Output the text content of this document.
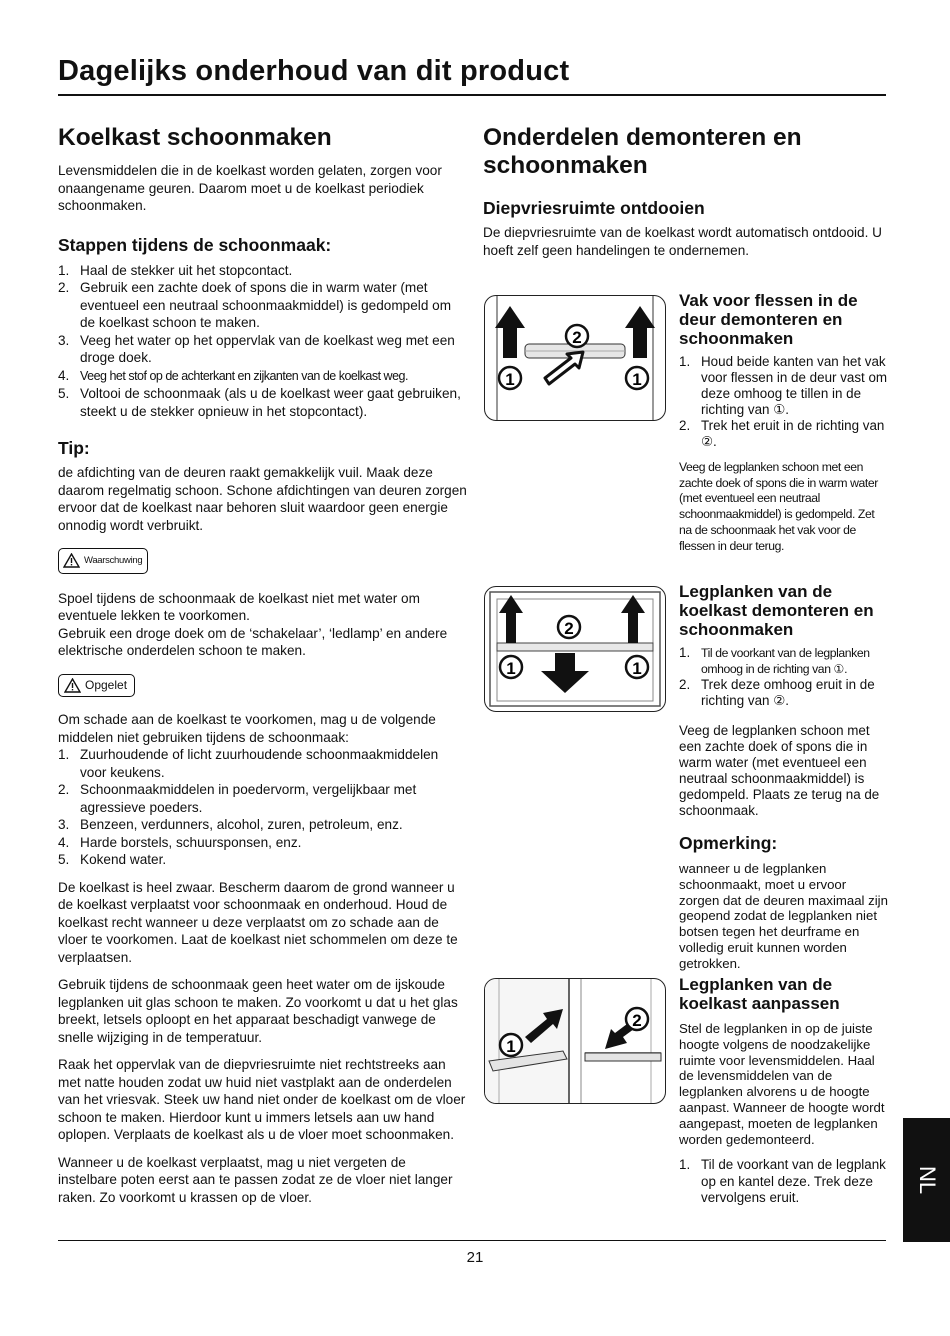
Dagelijks onderhoud van dit product
Koelkast schoonmaken

Levensmiddelen die in de koelkast worden gelaten, zorgen voor onaangename geuren. Daarom moet u de koelkast periodiek schoonmaken.

Stappen tijdens de schoonmaak:
1. Haal de stekker uit het stopcontact.
2. Gebruik een zachte doek of spons die in warm water (met eventueel een neutraal schoonmaakmiddel) is gedompeld om de koelkast schoon te maken.
3. Veeg het water op het oppervlak van de koelkast weg met een droge doek.
4. Veeg het stof op de achterkant en zijkanten van de koelkast weg.
5. Voltooi de schoonmaak (als u de koelkast weer gaat gebruiken, steekt u de stekker opnieuw in het stopcontact).
Tip:

de afdichting van de deuren raakt gemakkelijk vuil. Maak deze daarom regelmatig schoon. Schone afdichtingen van deuren zorgen ervoor dat de koelkast naar behoren sluit waardoor geen energie onnodig wordt verbruikt.

Waarschuwing

Spoel tijdens de schoonmaak de koelkast niet met water om eventuele lekken te voorkomen.

Gebruik een droge doek om de ‘schakelaar’, ‘ledlamp’ en andere elektrische onderdelen schoon te maken.

Opgelet

Om schade aan de koelkast te voorkomen, mag u de volgende middelen niet gebruiken tijdens de schoonmaak:

1. Zuurhoudende of licht zuurhoudende schoonmaakmiddelen voor keukens.
2. Schoonmaakmiddelen in poedervorm, vergelijkbaar met agressieve poeders.
3. Benzeen, verdunners, alcohol, zuren, petroleum, enz.
4. Harde borstels, schuursponsen, enz.
5. Kokend water.

De koelkast is heel zwaar. Bescherm daarom de grond wanneer u de koelkast verplaatst voor schoonmaak en onderhoud. Houd de koelkast recht wanneer u deze verplaatst om zo schade aan de vloer te voorkomen. Laat de koelkast niet schommelen om deze te verplaatsen.

Gebruik tijdens de schoonmaak geen heet water om de ijskoude legplanken uit glas schoon te maken. Zo voorkomt u dat u het glas breekt, letsels oploopt en het apparaat beschadigt vanwege de snelle wijziging in de temperatuur.

Raak het oppervlak van de diepvriesruimte niet rechtstreeks aan met natte houden zodat uw huid niet vastplakt aan de onderdelen van het vriesvak. Steek uw hand niet onder de koelkast om de vloer schoon te maken. Hierdoor kunt u immers letsels aan uw hand oplopen. Verplaats de koelkast als u de vloer moet schoonmaken.

Wanneer u de koelkast verplaatst, mag u niet vergeten de instelbare poten eerst aan te passen zodat ze de vloer niet langer raken. Zo voorkomt u krassen op de vloer.

Onderdelen demonteren en schoonmaken
Diepvriesruimte ontdooien

De diepvriesruimte van de koelkast wordt automatisch ontdooid. U hoeft zelf geen handelingen te ondernemen.

2
1	1
Vak voor flessen in de deur demonteren en schoonmaken
1. Houd beide kanten van het vak voor flessen in de deur vast om deze omhoog te tillen in de richting van ①.
2. Trek het eruit in de richting van ②.

Veeg de legplanken schoon met een zachte doek of spons die in warm water (met eventueel een neutraal schoonmaakmiddel) is gedompeld. Zet na de schoonmaak het vak voor de flessen in deur terug.

2
1	1
Legplanken van de koelkast demonteren en schoonmaken
1. Til de voorkant van de legplanken omhoog in de richting van ①.
2. Trek deze omhoog eruit in de richting van ②.

Veeg de legplanken schoon met een zachte doek of spons die in warm water (met eventueel een neutraal schoonmaakmiddel) is gedompeld. Plaats ze terug na de schoonmaak.

Opmerking:

wanneer u de legplanken schoonmaakt, moet u ervoor zorgen dat de deuren maximaal zijn geopend zodat de legplanken niet botsen tegen het deurframe en volledig eruit kunnen worden getrokken.

1
2
Legplanken van de koelkast aanpassen

Stel de legplanken in op de juiste hoogte volgens de noodzakelijke ruimte voor levensmiddelen. Haal de levensmiddelen van de legplanken alvorens u de hoogte aanpast. Wanneer de hoogte wordt aangepast, moeten de legplanken worden gedemonteerd.

1. Til de voorkant van de legplank op en kantel deze. Trek deze vervolgens eruit.
NL
21
